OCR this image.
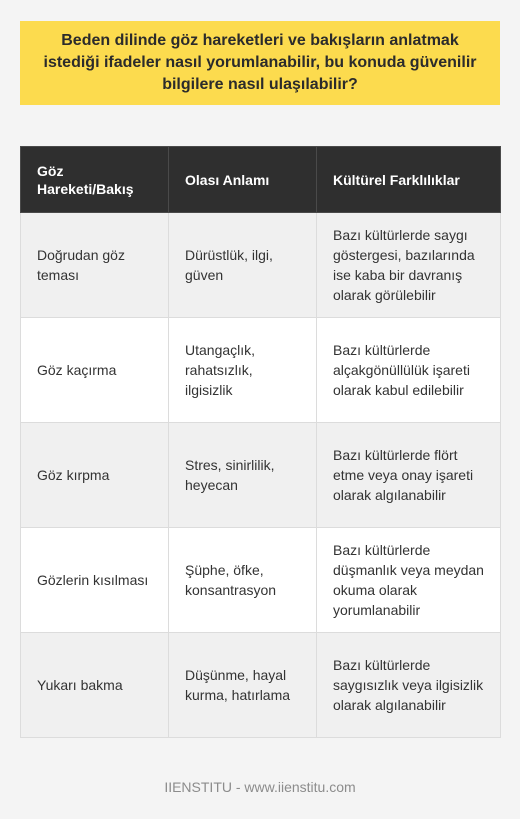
Beden dilinde göz hareketleri ve bakışların anlatmak istediği ifadeler nasıl yorumlanabilir, bu konuda güvenilir bilgilere nasıl ulaşılabilir?
Göz Hareketi/Bakış	Olası Anlamı	Kültürel Farklılıklar
Doğrudan göz teması	Dürüstlük, ilgi, güven	Bazı kültürlerde saygı göstergesi, bazılarında ise kaba bir davranış olarak görülebilir
Göz kaçırma	Utangaçlık, rahatsızlık, ilgisizlik	Bazı kültürlerde alçakgönüllülük işareti olarak kabul edilebilir
Göz kırpma	Stres, sinirlilik, heyecan	Bazı kültürlerde flört etme veya onay işareti olarak algılanabilir
Gözlerin kısılması	Şüphe, öfke, konsantrasyon	Bazı kültürlerde düşmanlık veya meydan okuma olarak yorumlanabilir
Yukarı bakma	Düşünme, hayal kurma, hatırlama	Bazı kültürlerde saygısızlık veya ilgisizlik olarak algılanabilir
IIENSTITU - www.iienstitu.com
